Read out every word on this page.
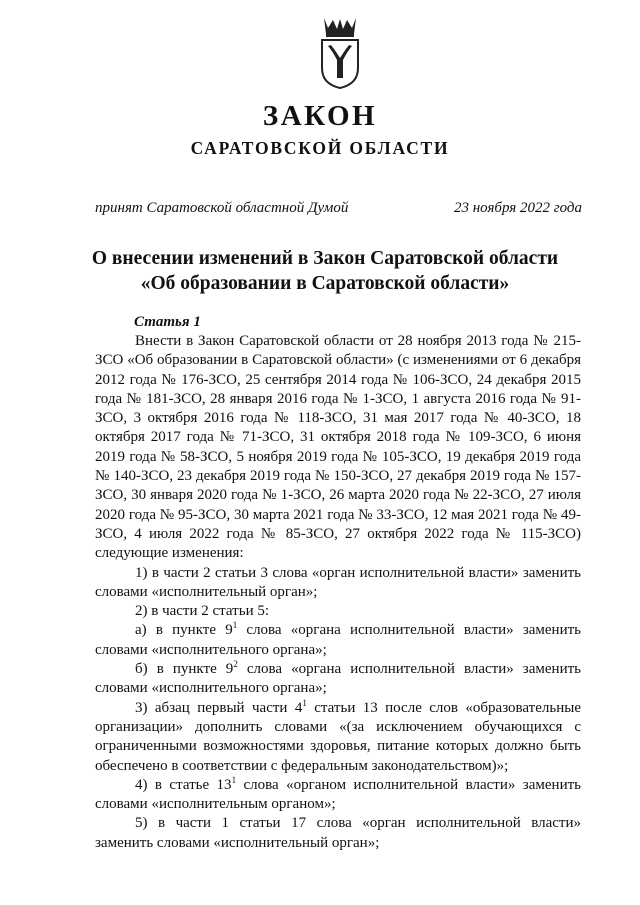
ЗАКОН
САРАТОВСКОЙ ОБЛАСТИ
принят Саратовской областной Думой	23 ноября 2022 года
О внесении изменений в Закон Саратовской области
«Об образовании в Саратовской области»
Статья 1

Внести в Закон Саратовской области от 28 ноября 2013 года № 215-ЗСО «Об образовании в Саратовской области» (с изменениями от 6 декабря 2012 года № 176-ЗСО, 25 сентября 2014 года № 106-ЗСО, 24 декабря 2015 года № 181-ЗСО, 28 января 2016 года № 1-ЗСО, 1 августа 2016 года № 91-ЗСО, 3 октября 2016 года № 118-ЗСО, 31 мая 2017 года № 40-ЗСО, 18 октября 2017 года № 71-ЗСО, 31 октября 2018 года № 109-ЗСО, 6 июня 2019 года № 58-ЗСО, 5 ноября 2019 года № 105-ЗСО, 19 декабря 2019 года № 140-ЗСО, 23 декабря 2019 года № 150-ЗСО, 27 декабря 2019 года № 157-ЗСО, 30 января 2020 года № 1-ЗСО, 26 марта 2020 года № 22-ЗСО, 27 июля 2020 года № 95-ЗСО, 30 марта 2021 года № 33-ЗСО, 12 мая 2021 года № 49-ЗСО, 4 июля 2022 года № 85-ЗСО, 27 октября 2022 года № 115-ЗСО) следующие изменения:

1) в части 2 статьи 3 слова «орган исполнительной власти» заменить словами «исполнительный орган»;

2) в части 2 статьи 5:

а) в пункте $9^1$ слова «органа исполнительной власти» заменить словами «исполнительного органа»;

б) в пункте $9^2$ слова «органа исполнительной власти» заменить словами «исполнительного органа»;

3) абзац первый части $4^1$ статьи 13 после слов «образовательные организации» дополнить словами «(за исключением обучающихся с ограниченными возможностями здоровья, питание которых должно быть обеспечено в соответствии с федеральным законодательством)»;

4) в статье $13^1$ слова «органом исполнительной власти» заменить словами «исполнительным органом»;

5) в части 1 статьи 17 слова «орган исполнительной власти» заменить словами «исполнительный орган»;
